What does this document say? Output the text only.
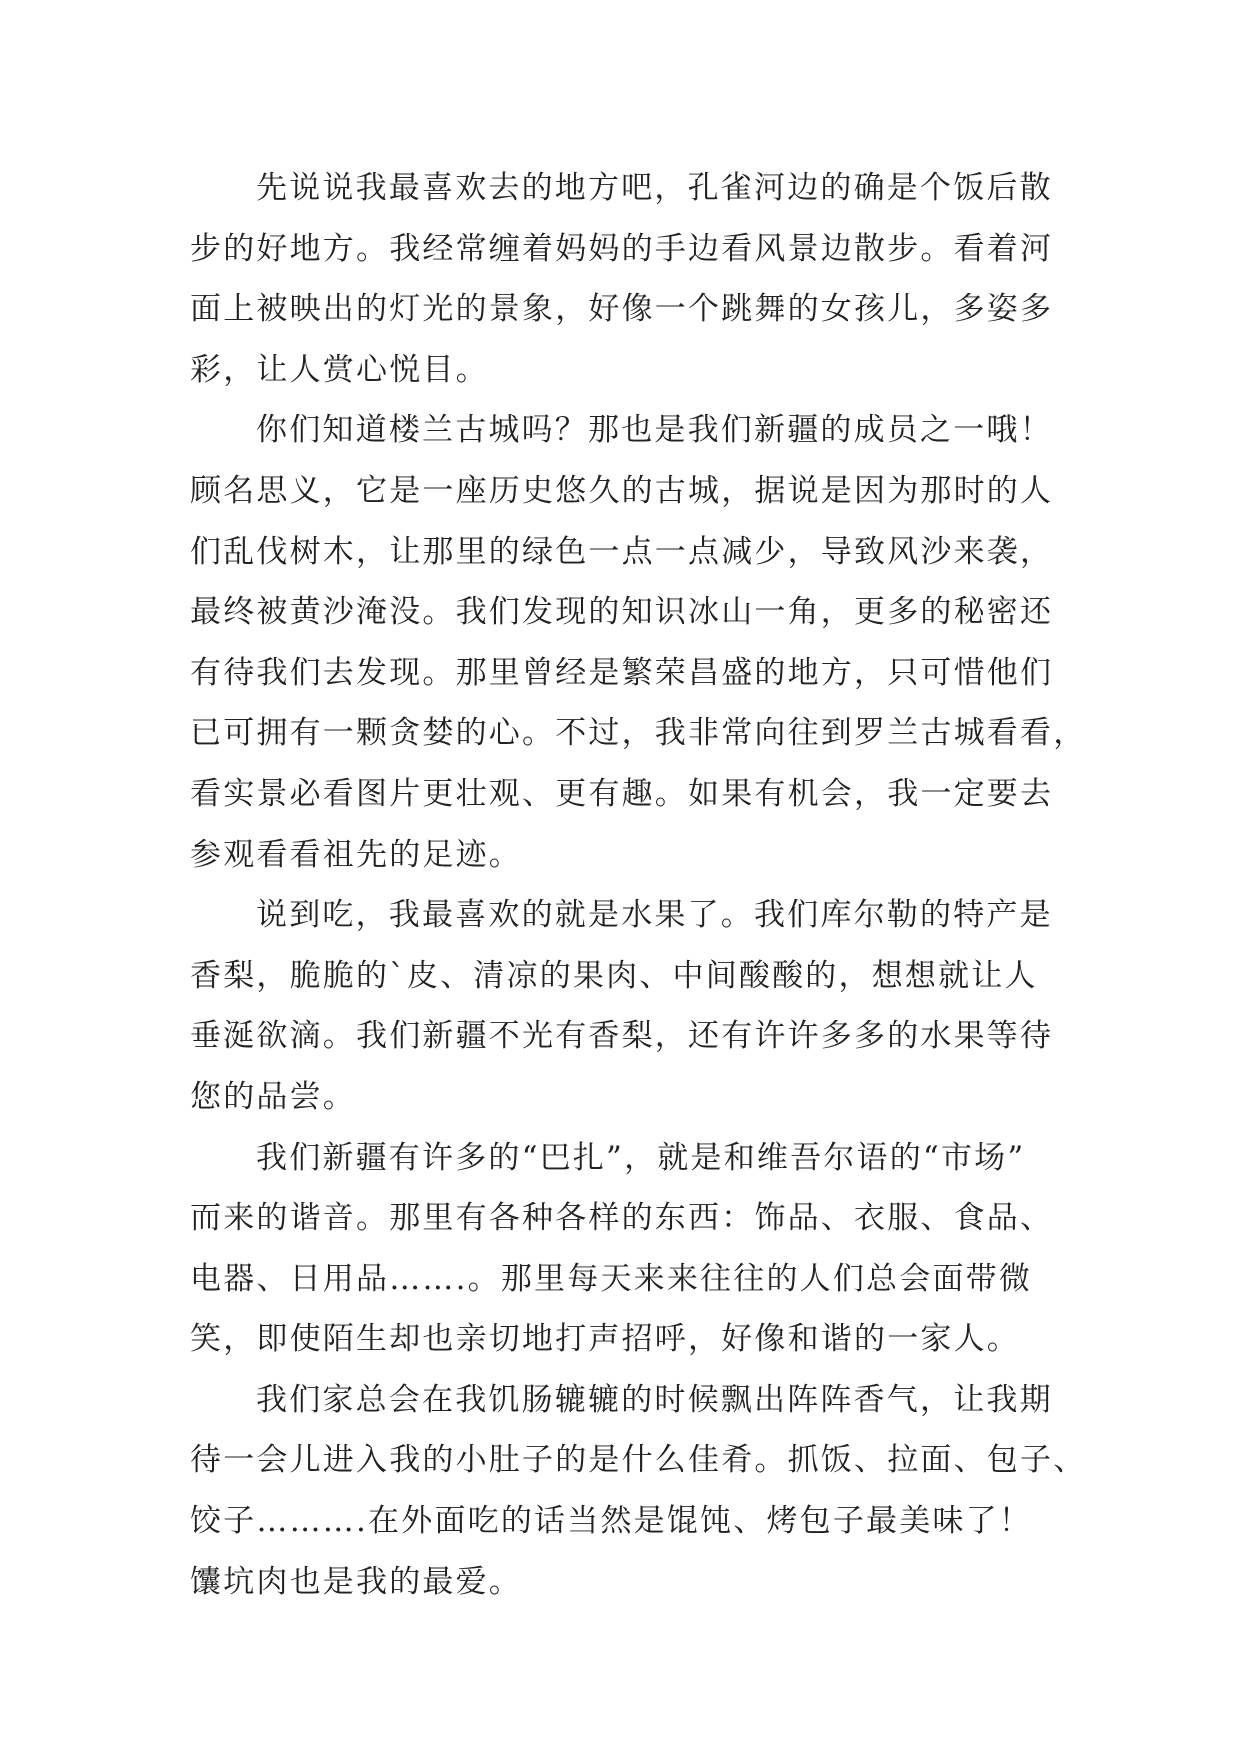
先说说我最喜欢去的地方吧，孔雀河边的确是个饭后散
步的好地方。我经常缠着妈妈的手边看风景边散步。看着河
面上被映出的灯光的景象，好像一个跳舞的女孩儿，多姿多
彩，让人赏心悦目。
你们知道楼兰古城吗？那也是我们新疆的成员之一哦！
顾名思义，它是一座历史悠久的古城，据说是因为那时的人
们乱伐树木，让那里的绿色一点一点减少，导致风沙来袭，
最终被黄沙淹没。我们发现的知识冰山一角，更多的秘密还
有待我们去发现。那里曾经是繁荣昌盛的地方，只可惜他们
已可拥有一颗贪婪的心。不过，我非常向往到罗兰古城看看，
看实景必看图片更壮观、更有趣。如果有机会，我一定要去
参观看看祖先的足迹。
说到吃，我最喜欢的就是水果了。我们库尔勒的特产是
香梨，脆脆的`皮、清凉的果肉、中间酸酸的，想想就让人
垂涎欲滴。我们新疆不光有香梨，还有许许多多的水果等待
您的品尝。
我们新疆有许多的“巴扎”，就是和维吾尔语的“市场”
而来的谐音。那里有各种各样的东西：饰品、衣服、食品、
电器、日用品…….。那里每天来来往往的人们总会面带微
笑，即使陌生却也亲切地打声招呼，好像和谐的一家人。
我们家总会在我饥肠辘辘的时候飘出阵阵香气，让我期
待一会儿进入我的小肚子的是什么佳肴。抓饭、拉面、包子、
饺子……….在外面吃的话当然是馄饨、烤包子最美味了！
馕坑肉也是我的最爱。
